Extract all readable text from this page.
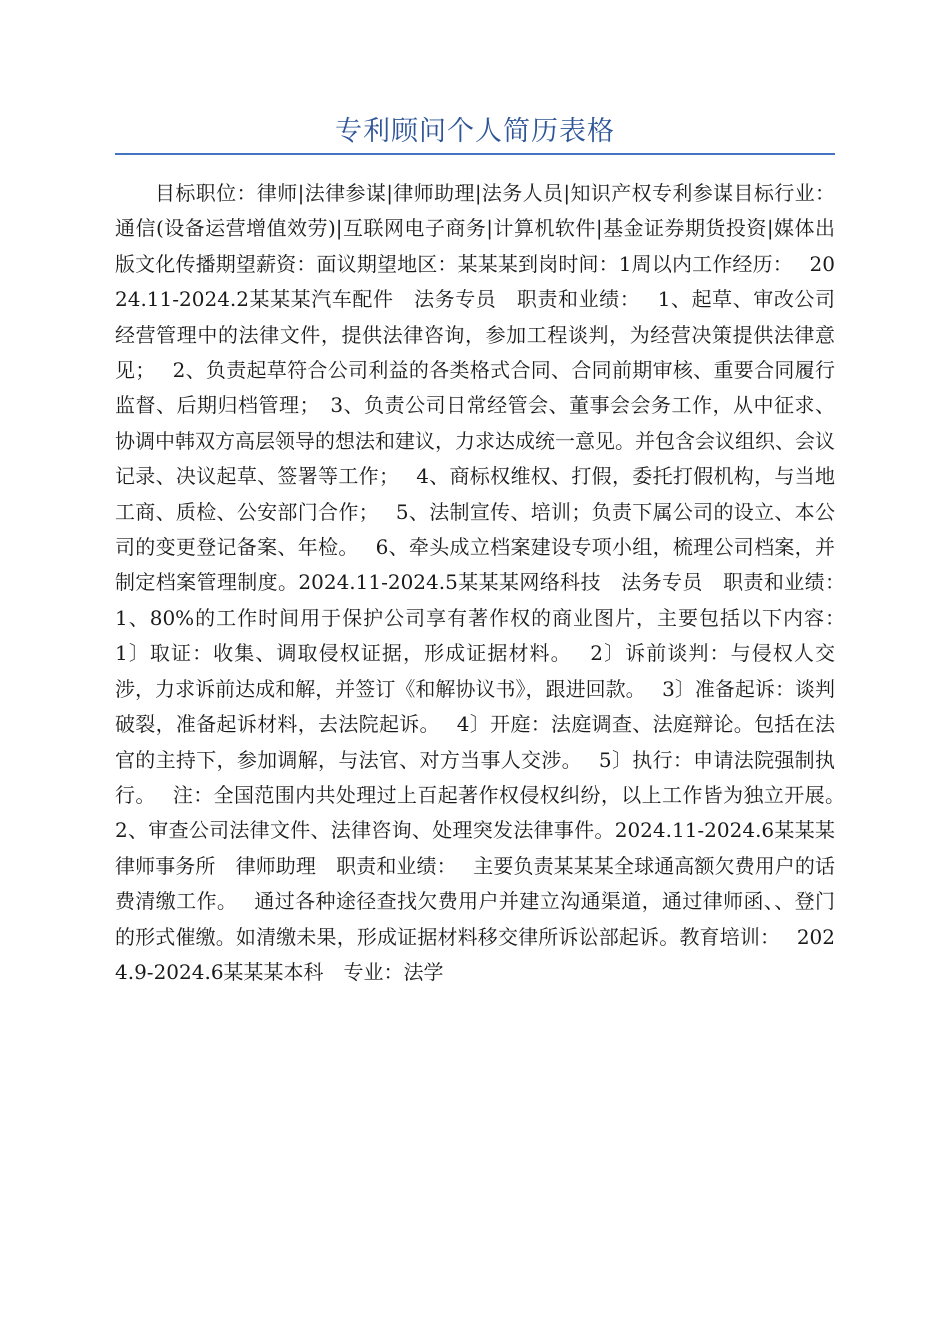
专利顾问个人简历表格

目标职位：律师|法律参谋|律师助理|法务人员|知识产权专利参谋目标行业：通信(设备运营增值效劳)|互联网电子商务|计算机软件|基金证券期货投资|媒体出版文化传播期望薪资：面议期望地区：某某某到岗时间：1周以内工作经历：　 2024.11-2024.2某某某汽车配件　法务专员　职责和业绩：　 1、起草、审改公司经营管理中的法律文件，提供法律咨询，参加工程谈判，为经营决策提供法律意见；　 2、负责起草符合公司利益的各类格式合同、合同前期审核、重要合同履行监督、后期归档管理；　3、负责公司日常经管会、董事会会务工作，从中征求、协调中韩双方高层领导的想法和建议，力求达成统一意见。并包含会议组织、会议记录、决议起草、签署等工作；　 4、商标权维权、打假，委托打假机构，与当地工商、质检、公安部门合作；　 5、法制宣传、培训；负责下属公司的设立、本公司的变更登记备案、年检。　 6、牵头成立档案建设专项小组，梳理公司档案，并制定档案管理制度。2024.11-2024.5某某某网络科技　法务专员　职责和业绩：　 1、80%的工作时间用于保护公司享有著作权的商业图片，主要包括以下内容：　 1〕取证：收集、调取侵权证据，形成证据材料。　 2〕诉前谈判：与侵权人交涉，力求诉前达成和解，并签订《和解协议书》，跟进回款。　 3〕准备起诉：谈判破裂，准备起诉材料，去法院起诉。　 4〕开庭：法庭调查、法庭辩论。包括在法官的主持下，参加调解，与法官、对方当事人交涉。　 5〕执行：申请法院强制执行。　 注：全国范围内共处理过上百起著作权侵权纠纷，以上工作皆为独立开展。　 2、审查公司法律文件、法律咨询、处理突发法律事件。2024.11-2024.6某某某律师事务所　律师助理　职责和业绩：　 主要负责某某某全球通高额欠费用户的话费清缴工作。　 通过各种途径查找欠费用户并建立沟通渠道，通过律师函、、登门的形式催缴。如清缴未果，形成证据材料移交律所诉讼部起诉。教育培训：　 2024.9-2024.6某某某本科　专业：法学
